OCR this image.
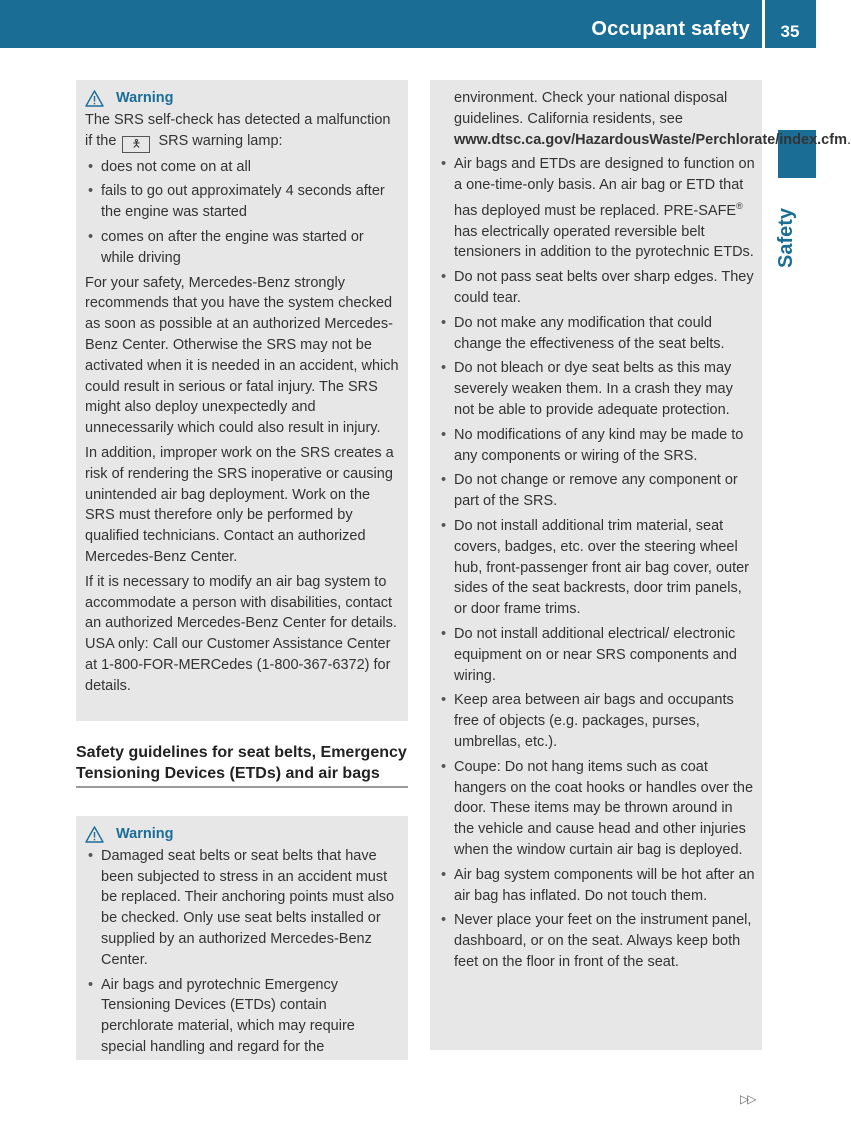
Occupant safety	35
Safety
Warning

The SRS self-check has detected a malfunction if the 🯅 SRS warning lamp:

• does not come on at all
• fails to go out approximately 4 seconds after the engine was started
• comes on after the engine was started or while driving

For your safety, Mercedes-Benz strongly recommends that you have the system checked as soon as possible at an authorized Mercedes-Benz Center. Otherwise the SRS may not be activated when it is needed in an accident, which could result in serious or fatal injury. The SRS might also deploy unexpectedly and unnecessarily which could also result in injury.

In addition, improper work on the SRS creates a risk of rendering the SRS inoperative or causing unintended air bag deployment. Work on the SRS must therefore only be performed by qualified technicians. Contact an authorized Mercedes-Benz Center.

If it is necessary to modify an air bag system to accommodate a person with disabilities, contact an authorized Mercedes-Benz Center for details. USA only: Call our Customer Assistance Center at 1-800-FOR-MERCedes (1-800-367-6372) for details.

Safety guidelines for seat belts, Emergency Tensioning Devices (ETDs) and air bags
Warning
• Damaged seat belts or seat belts that have been subjected to stress in an accident must be replaced. Their anchoring points must also be checked. Only use seat belts installed or supplied by an authorized Mercedes-Benz Center.
• Air bags and pyrotechnic Emergency Tensioning Devices (ETDs) contain perchlorate material, which may require special handling and regard for the

environment. Check your national disposal guidelines. California residents, see www.dtsc.ca.gov/HazardousWaste/Perchlorate/index.cfm.

• Air bags and ETDs are designed to function on a one-time-only basis. An air bag or ETD that has deployed must be replaced. PRE-SAFE® has electrically operated reversible belt tensioners in addition to the pyrotechnic ETDs.
• Do not pass seat belts over sharp edges. They could tear.
• Do not make any modification that could change the effectiveness of the seat belts.
• Do not bleach or dye seat belts as this may severely weaken them. In a crash they may not be able to provide adequate protection.
• No modifications of any kind may be made to any components or wiring of the SRS.
• Do not change or remove any component or part of the SRS.
• Do not install additional trim material, seat covers, badges, etc. over the steering wheel hub, front-passenger front air bag cover, outer sides of the seat backrests, door trim panels, or door frame trims.
• Do not install additional electrical/ electronic equipment on or near SRS components and wiring.
• Keep area between air bags and occupants free of objects (e.g. packages, purses, umbrellas, etc.).
• Coupe: Do not hang items such as coat hangers on the coat hooks or handles over the door. These items may be thrown around in the vehicle and cause head and other injuries when the window curtain air bag is deployed.
• Air bag system components will be hot after an air bag has inflated. Do not touch them.
• Never place your feet on the instrument panel, dashboard, or on the seat. Always keep both feet on the floor in front of the seat.
▷▷
